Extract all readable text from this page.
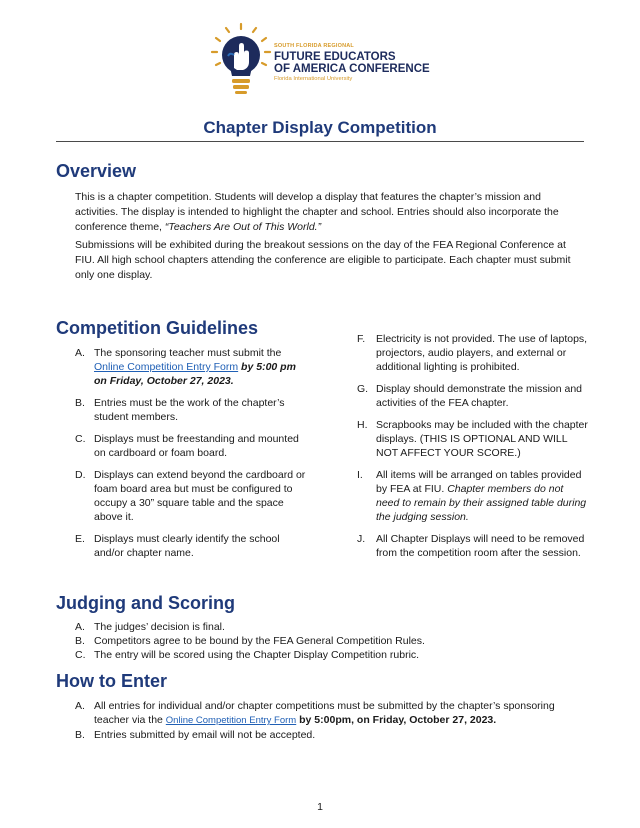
SOUTH FLORIDA REGIONAL
FUTURE EDUCATORS
OF AMERICA CONFERENCE
Florida International University
Chapter Display Competition
Overview
This is a chapter competition. Students will develop a display that features the chapter’s mission and activities. The display is intended to highlight the chapter and school. Entries should also incorporate the conference theme, “Teachers Are Out of This World.”
Submissions will be exhibited during the breakout sessions on the day of the FEA Regional Conference at FIU. All high school chapters attending the conference are eligible to participate. Each chapter must submit only one display.
Competition Guidelines
A. The sponsoring teacher must submit the Online Competition Entry Form by 5:00 pm on Friday, October 27, 2023.
B. Entries must be the work of the chapter’s student members.
C. Displays must be freestanding and mounted on cardboard or foam board.
D. Displays can extend beyond the cardboard or foam board area but must be configured to occupy a 30” square table and the space above it.
E. Displays must clearly identify the school and/or chapter name.
F. Electricity is not provided. The use of laptops, projectors, audio players, and external or additional lighting is prohibited.
G. Display should demonstrate the mission and activities of the FEA chapter.
H. Scrapbooks may be included with the chapter displays. (THIS IS OPTIONAL AND WILL NOT AFFECT YOUR SCORE.)
I. All items will be arranged on tables provided by FEA at FIU. Chapter members do not need to remain by their assigned table during the judging session.
J. All Chapter Displays will need to be removed from the competition room after the session.
Judging and Scoring
A. The judges’ decision is final.
B. Competitors agree to be bound by the FEA General Competition Rules.
C. The entry will be scored using the Chapter Display Competition rubric.
How to Enter
A. All entries for individual and/or chapter competitions must be submitted by the chapter’s sponsoring teacher via the Online Competition Entry Form by 5:00pm, on Friday, October 27, 2023.
B. Entries submitted by email will not be accepted.
1
